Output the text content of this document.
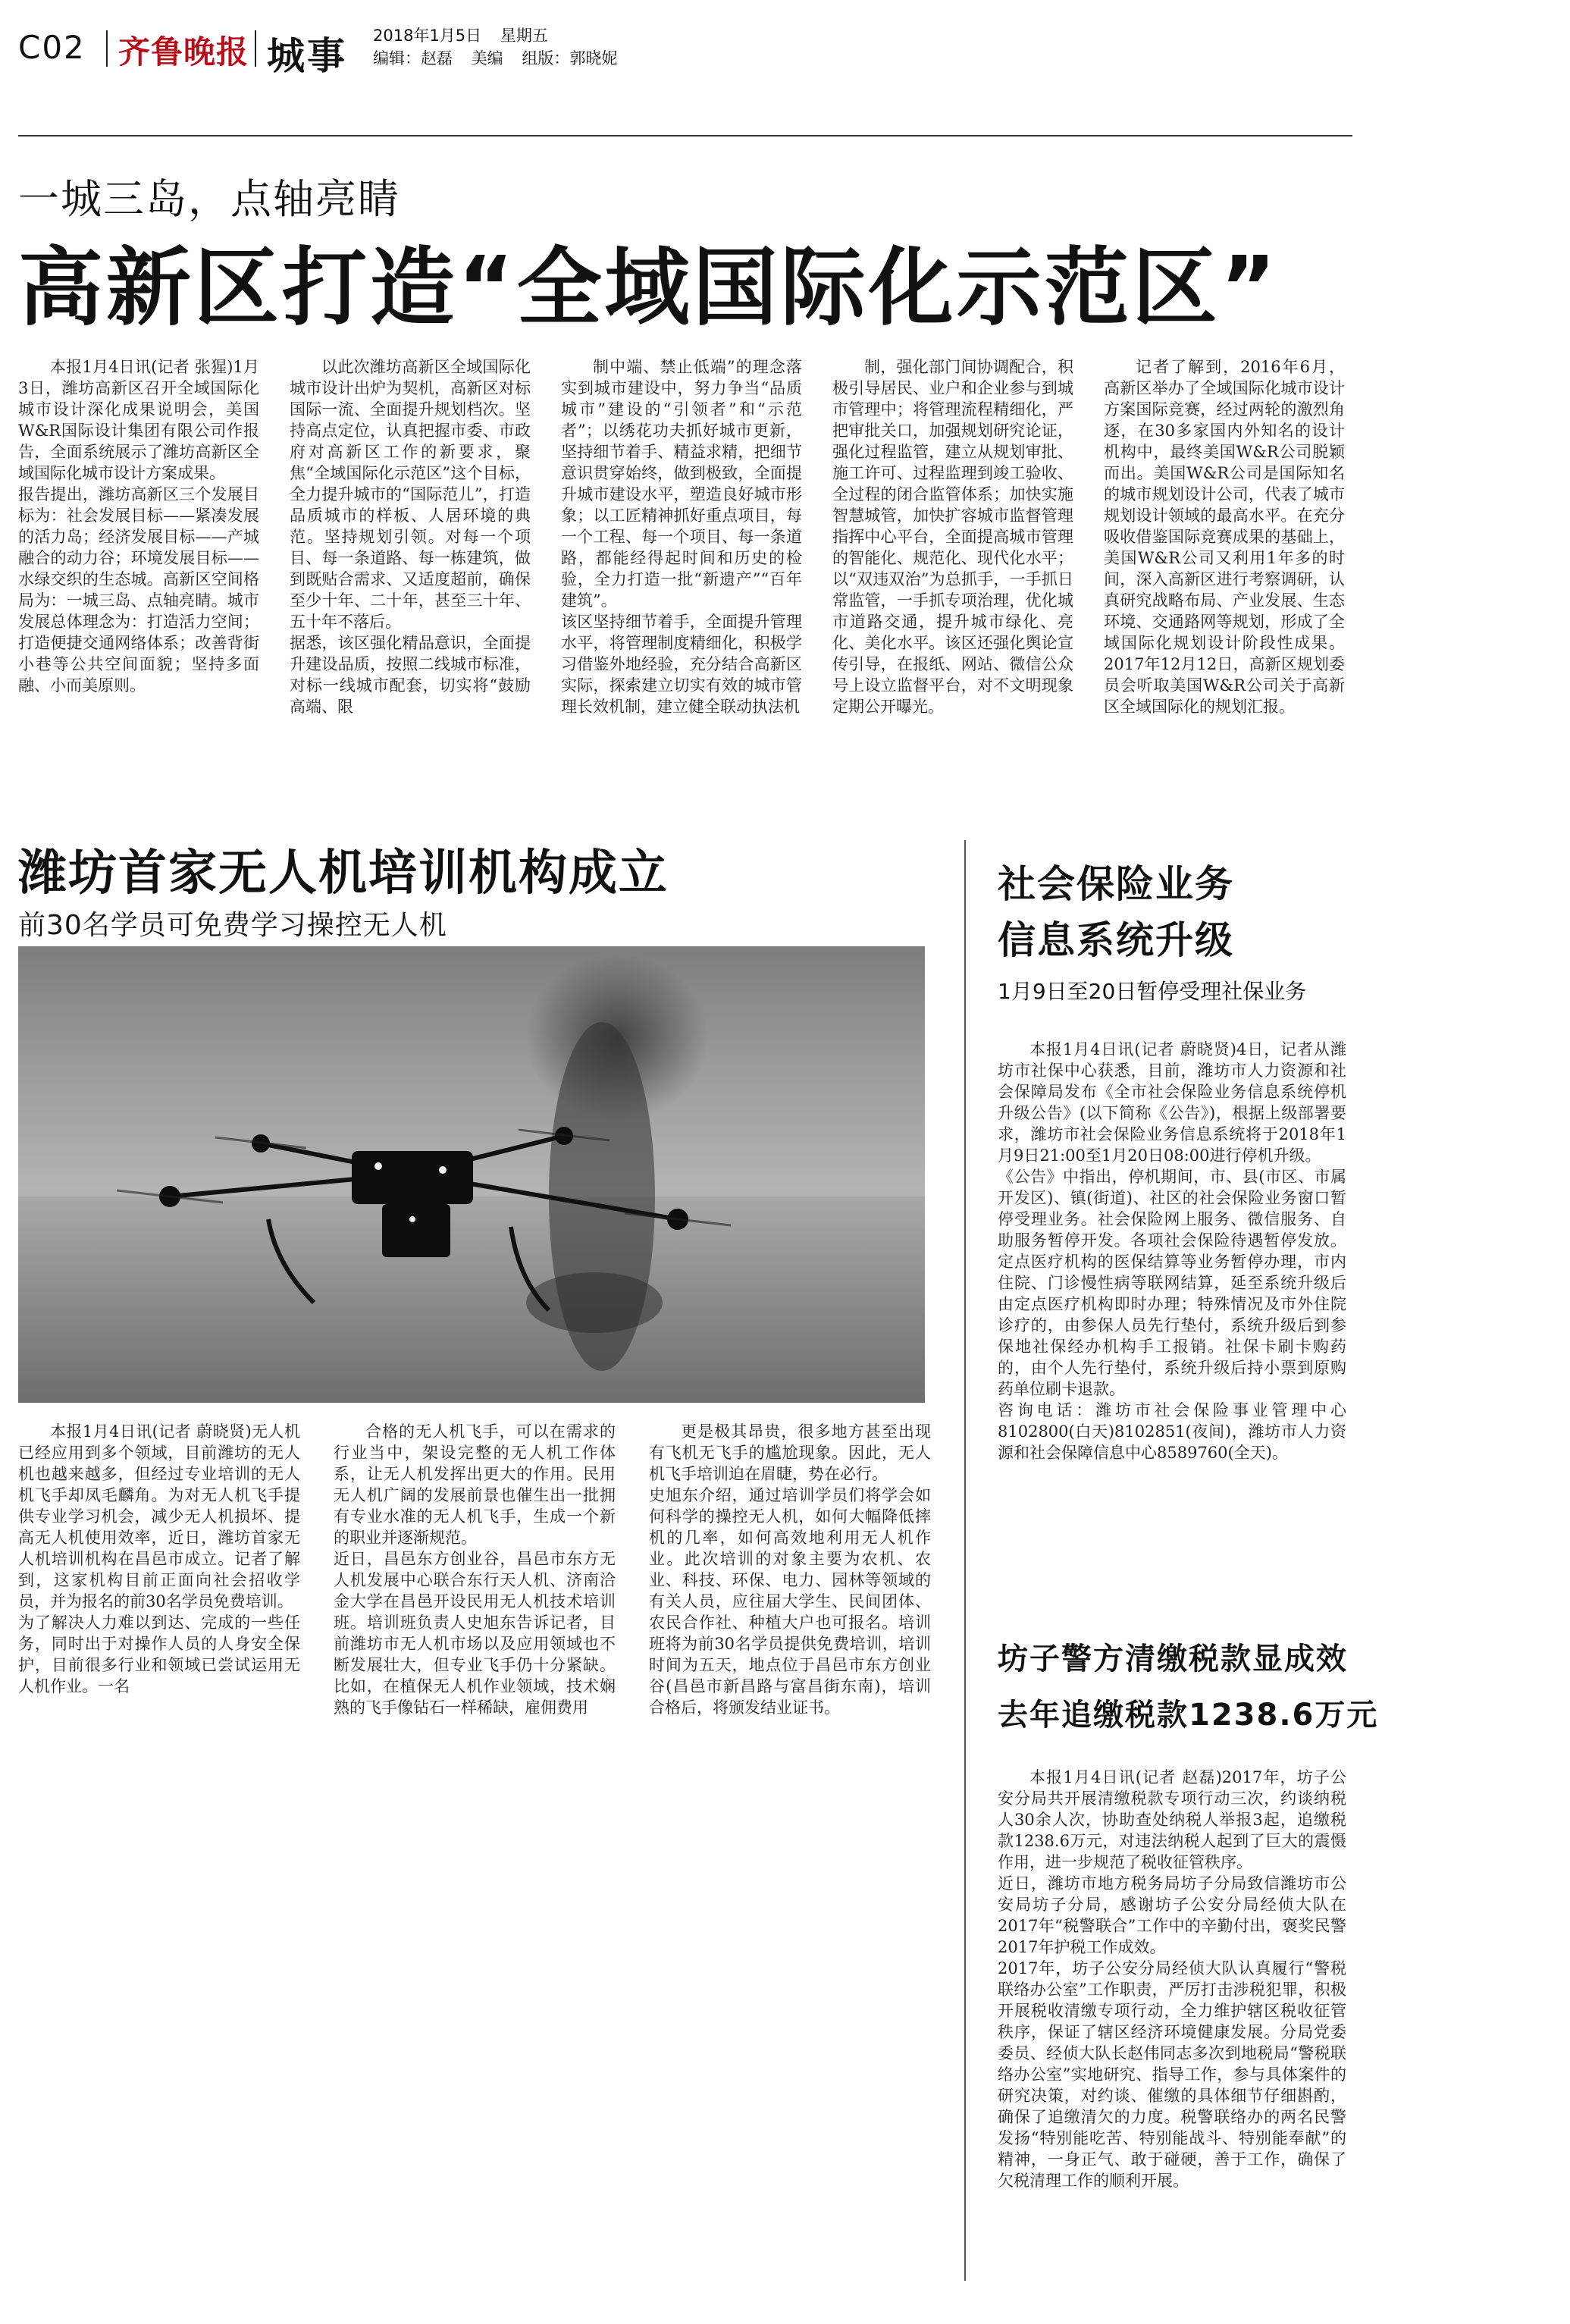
C02 齐鲁晚报 城事 2018年1月5日 星期五
编辑：赵磊 美编 组版：郭晓妮
一城三岛，点轴亮睛
高新区打造“全域国际化示范区”
本报1月4日讯(记者 张猩)1月3日，潍坊高新区召开全域国际化城市设计深化成果说明会，美国W&R国际设计集团有限公司作报告，全面系统展示了潍坊高新区全域国际化城市设计方案成果。
报告提出，潍坊高新区三个发展目标为：社会发展目标——紧凑发展的活力岛；经济发展目标——产城融合的动力谷；环境发展目标——水绿交织的生态城。高新区空间格局为：一城三岛、点轴亮睛。城市发展总体理念为：打造活力空间；打造便捷交通网络体系；改善背街小巷等公共空间面貌；坚持多面融、小而美原则。
以此次潍坊高新区全域国际化城市设计出炉为契机，高新区对标国际一流、全面提升规划档次。坚持高点定位，认真把握市委、市政府对高新区工作的新要求，聚焦“全域国际化示范区”这个目标，全力提升城市的“国际范儿”，打造品质城市的样板、人居环境的典范。坚持规划引领。对每一个项目、每一条道路、每一栋建筑，做到既贴合需求、又适度超前，确保至少十年、二十年，甚至三十年、五十年不落后。
据悉，该区强化精品意识，全面提升建设品质，按照二线城市标准，对标一线城市配套，切实将“鼓励高端、限
制中端、禁止低端”的理念落实到城市建设中，努力争当“品质城市”建设的“引领者”和“示范者”；以绣花功夫抓好城市更新，坚持细节着手、精益求精，把细节意识贯穿始终，做到极致，全面提升城市建设水平，塑造良好城市形象；以工匠精神抓好重点项目，每一个工程、每一个项目、每一条道路，都能经得起时间和历史的检验，全力打造一批“新遗产”“百年建筑”。
该区坚持细节着手，全面提升管理水平，将管理制度精细化，积极学习借鉴外地经验，充分结合高新区实际，探索建立切实有效的城市管理长效机制，建立健全联动执法机
制，强化部门间协调配合，积极引导居民、业户和企业参与到城市管理中；将管理流程精细化，严把审批关口，加强规划研究论证，强化过程监管，建立从规划审批、施工许可、过程监理到竣工验收、全过程的闭合监管体系；加快实施智慧城管，加快扩容城市监督管理指挥中心平台，全面提高城市管理的智能化、规范化、现代化水平；以“双违双治”为总抓手，一手抓日常监管，一手抓专项治理，优化城市道路交通，提升城市绿化、亮化、美化水平。该区还强化舆论宣传引导，在报纸、网站、微信公众号上设立监督平台，对不文明现象定期公开曝光。
记者了解到，2016年6月，高新区举办了全域国际化城市设计方案国际竞赛，经过两轮的激烈角逐，在30多家国内外知名的设计机构中，最终美国W&R公司脱颖而出。美国W&R公司是国际知名的城市规划设计公司，代表了城市规划设计领域的最高水平。在充分吸收借鉴国际竞赛成果的基础上，美国W&R公司又利用1年多的时间，深入高新区进行考察调研，认真研究战略布局、产业发展、生态环境、交通路网等规划，形成了全域国际化规划设计阶段性成果。2017年12月12日，高新区规划委员会听取美国W&R公司关于高新区全域国际化的规划汇报。
潍坊首家无人机培训机构成立
前30名学员可免费学习操控无人机
本报1月4日讯(记者 蔚晓贤)无人机已经应用到多个领域，目前潍坊的无人机也越来越多，但经过专业培训的无人机飞手却凤毛麟角。为对无人机飞手提供专业学习机会，减少无人机损坏、提高无人机使用效率，近日，潍坊首家无人机培训机构在昌邑市成立。记者了解到，这家机构目前正面向社会招收学员，并为报名的前30名学员免费培训。
为了解决人力难以到达、完成的一些任务，同时出于对操作人员的人身安全保护，目前很多行业和领域已尝试运用无人机作业。一名
合格的无人机飞手，可以在需求的行业当中，架设完整的无人机工作体系，让无人机发挥出更大的作用。民用无人机广阔的发展前景也催生出一批拥有专业水准的无人机飞手，生成一个新的职业并逐渐规范。
近日，昌邑东方创业谷，昌邑市东方无人机发展中心联合东行天人机、济南洽金大学在昌邑开设民用无人机技术培训班。培训班负责人史旭东告诉记者，目前潍坊市无人机市场以及应用领域也不断发展壮大，但专业飞手仍十分紧缺。比如，在植保无人机作业领域，技术娴熟的飞手像钻石一样稀缺，雇佣费用
更是极其昂贵，很多地方甚至出现有飞机无飞手的尴尬现象。因此，无人机飞手培训迫在眉睫，势在必行。
史旭东介绍，通过培训学员们将学会如何科学的操控无人机，如何大幅降低摔机的几率，如何高效地利用无人机作业。此次培训的对象主要为农机、农业、科技、环保、电力、园林等领域的有关人员，应往届大学生、民间团体、农民合作社、种植大户也可报名。培训班将为前30名学员提供免费培训，培训时间为五天，地点位于昌邑市东方创业谷(昌邑市新昌路与富昌街东南)，培训合格后，将颁发结业证书。
社会保险业务
信息系统升级
1月9日至20日暂停受理社保业务
本报1月4日讯(记者 蔚晓贤)4日，记者从潍坊市社保中心获悉，目前，潍坊市人力资源和社会保障局发布《全市社会保险业务信息系统停机升级公告》(以下简称《公告》)，根据上级部署要求，潍坊市社会保险业务信息系统将于2018年1月9日21:00至1月20日08:00进行停机升级。
《公告》中指出，停机期间，市、县(市区、市属开发区)、镇(街道)、社区的社会保险业务窗口暂停受理业务。社会保险网上服务、微信服务、自助服务暂停开发。各项社会保险待遇暂停发放。定点医疗机构的医保结算等业务暂停办理，市内住院、门诊慢性病等联网结算，延至系统升级后由定点医疗机构即时办理；特殊情况及市外住院诊疗的，由参保人员先行垫付，系统升级后到参保地社保经办机构手工报销。社保卡刷卡购药的，由个人先行垫付，系统升级后持小票到原购药单位刷卡退款。
咨询电话：潍坊市社会保险事业管理中心8102800(白天)8102851(夜间)，潍坊市人力资源和社会保障信息中心8589760(全天)。
坊子警方清缴税款显成效
去年追缴税款1238.6万元
本报1月4日讯(记者 赵磊)2017年，坊子公安分局共开展清缴税款专项行动三次，约谈纳税人30余人次，协助查处纳税人举报3起，追缴税款1238.6万元，对违法纳税人起到了巨大的震慑作用，进一步规范了税收征管秩序。
近日，潍坊市地方税务局坊子分局致信潍坊市公安局坊子分局，感谢坊子公安分局经侦大队在2017年“税警联合”工作中的辛勤付出，褒奖民警2017年护税工作成效。
2017年，坊子公安分局经侦大队认真履行“警税联络办公室”工作职责，严厉打击涉税犯罪，积极开展税收清缴专项行动，全力维护辖区税收征管秩序，保证了辖区经济环境健康发展。分局党委委员、经侦大队长赵伟同志多次到地税局“警税联络办公室”实地研究、指导工作，参与具体案件的研究决策，对约谈、催缴的具体细节仔细斟酌，确保了追缴清欠的力度。税警联络办的两名民警发扬“特别能吃苦、特别能战斗、特别能奉献”的精神，一身正气、敢于碰硬，善于工作，确保了欠税清理工作的顺利开展。
